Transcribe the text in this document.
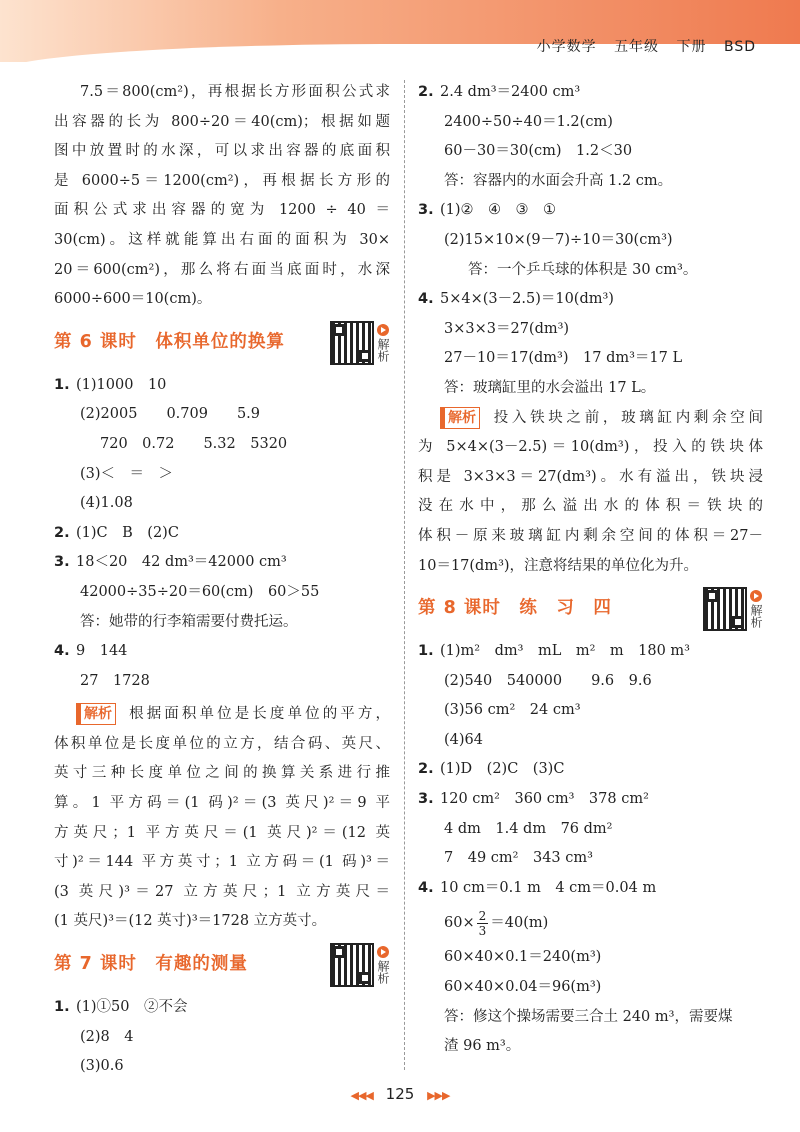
小学数学 五年级 下册 BSD
7.5＝800(cm²)，再根据长方形面积公式求
出容器的长为 800÷20＝40(cm)；根据如题
图中放置时的水深，可以求出容器的底面积
是 6000÷5＝1200(cm²)，再根据长方形的
面积公式求出容器的宽为 1200 ÷ 40 ＝
30(cm)。这样就能算出右面的面积为 30×
20＝600(cm²)，那么将右面当底面时，水深
6000÷600＝10(cm)。
第 6 课时　体积单位的换算	解析
1. (1)1000　10
(2)2005　　0.709　　5.9
720　0.72　　5.32　5320
(3)＜　＝　＞
(4)1.08
2. (1)C　B　(2)C
3. 18＜20　42 dm³＝42000 cm³
42000÷35÷20＝60(cm)　60＞55
答：她带的行李箱需要付费托运。
4. 9　144
27　1728
解析 根据面积单位是长度单位的平方，
体积单位是长度单位的立方，结合码、英尺、
英寸三种长度单位之间的换算关系进行推
算。1 平方码＝(1 码)²＝(3 英尺)²＝9 平
方英尺；1 平方英尺＝(1 英尺)²＝(12 英
寸)²＝144 平方英寸；1 立方码＝(1 码)³＝
(3 英尺)³＝27 立方英尺；1 立方英尺＝
(1 英尺)³＝(12 英寸)³＝1728 立方英寸。
第 7 课时　有趣的测量	解析
1. (1)①50　②不会
(2)8　4
(3)0.6
2. 2.4 dm³＝2400 cm³
2400÷50÷40＝1.2(cm)
60－30＝30(cm)　1.2＜30
答：容器内的水面会升高 1.2 cm。
3. (1)②　④　③　①
(2)15×10×(9－7)÷10＝30(cm³)
答：一个乒乓球的体积是 30 cm³。
4. 5×4×(3－2.5)＝10(dm³)
3×3×3＝27(dm³)
27－10＝17(dm³)　17 dm³＝17 L
答：玻璃缸里的水会溢出 17 L。
解析 投入铁块之前，玻璃缸内剩余空间
为 5×4×(3－2.5)＝10(dm³)，投入的铁块体
积是 3×3×3＝27(dm³)。水有溢出，铁块浸
没在水中，那么溢出水的体积＝铁块的
体积－原来玻璃缸内剩余空间的体积＝27－
10＝17(dm³)，注意将结果的单位化为升。
第 8 课时　练　习　四	解析
1. (1)m²　dm³　mL　m²　m　180 m³
(2)540　540000　　9.6　9.6
(3)56 cm²　24 cm³
(4)64
2. (1)D　(2)C　(3)C
3. 120 cm²　360 cm³　378 cm²
4 dm　1.4 dm　76 dm²
7　49 cm²　343 cm³
4. 10 cm＝0.1 m　4 cm＝0.04 m
$60\times \frac{2}{3} =40(m)$
60×40×0.1＝240(m³)
60×40×0.04＝96(m³)
答：修这个操场需要三合土 240 m³，需要煤
渣 96 m³。
◀◀◀ 125 ▶▶▶
